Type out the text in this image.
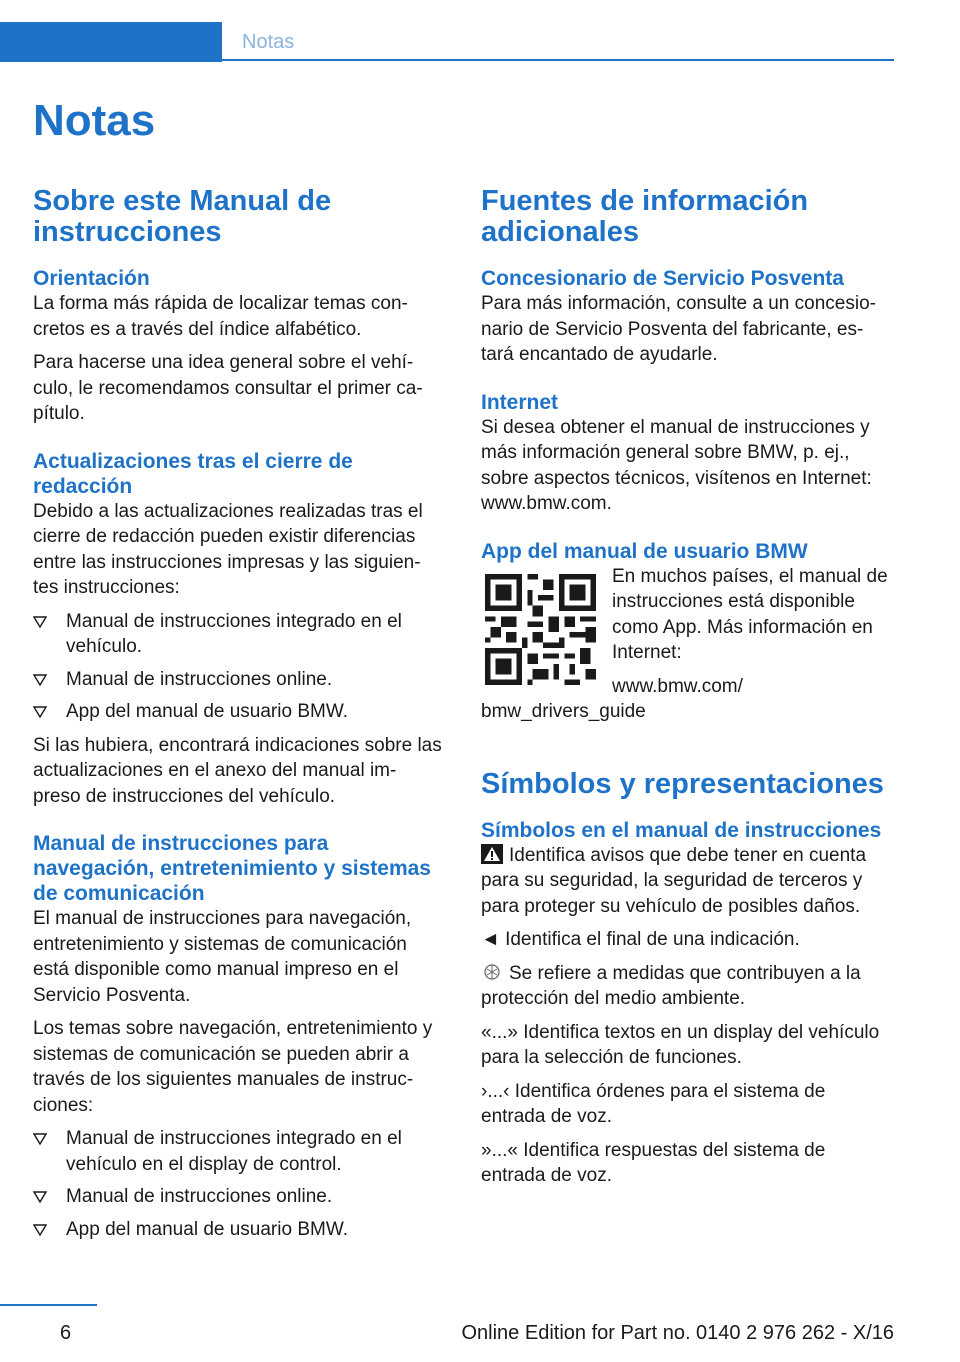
Notas
Notas
Sobre este Manual de instrucciones
Orientación

La forma más rápida de localizar temas con‐cretos es a través del índice alfabético.

Para hacerse una idea general sobre el vehí‐culo, le recomendamos consultar el primer ca‐pítulo.

Actualizaciones tras el cierre de redacción

Debido a las actualizaciones realizadas tras el cierre de redacción pueden existir diferencias entre las instrucciones impresas y las siguien‐tes instrucciones:

Manual de instrucciones integrado en el vehículo.
Manual de instrucciones online.
App del manual de usuario BMW.

Si las hubiera, encontrará indicaciones sobre las actualizaciones en el anexo del manual im‐preso de instrucciones del vehículo.

Manual de instrucciones para navegación, entretenimiento y sistemas de comunicación

El manual de instrucciones para navegación, entretenimiento y sistemas de comunicación está disponible como manual impreso en el Servicio Posventa.

Los temas sobre navegación, entretenimiento y sistemas de comunicación se pueden abrir a través de los siguientes manuales de instruc‐ciones:

Manual de instrucciones integrado en el vehículo en el display de control.
Manual de instrucciones online.
App del manual de usuario BMW.
Fuentes de información adicionales
Concesionario de Servicio Posventa

Para más información, consulte a un concesio‐nario de Servicio Posventa del fabricante, es‐tará encantado de ayudarle.

Internet

Si desea obtener el manual de instrucciones y más información general sobre BMW, p. ej., sobre aspectos técnicos, visítenos en Internet: www.bmw.com.

App del manual de usuario BMW

En muchos países, el manual de instrucciones está disponible como App. Más información en Internet:

www.bmw.com/ bmw_drivers_guide

Símbolos y representaciones
Símbolos en el manual de instrucciones

Identifica avisos que debe tener en cuenta para su seguridad, la seguridad de terceros y para proteger su vehículo de posibles daños.

◄ Identifica el final de una indicación.

Se refiere a medidas que contribuyen a la protección del medio ambiente.

«...» Identifica textos en un display del vehículo para la selección de funciones.

›...‹ Identifica órdenes para el sistema de entrada de voz.

»...« Identifica respuestas del sistema de entrada de voz.

6	Online Edition for Part no. 0140 2 976 262 - X/16
